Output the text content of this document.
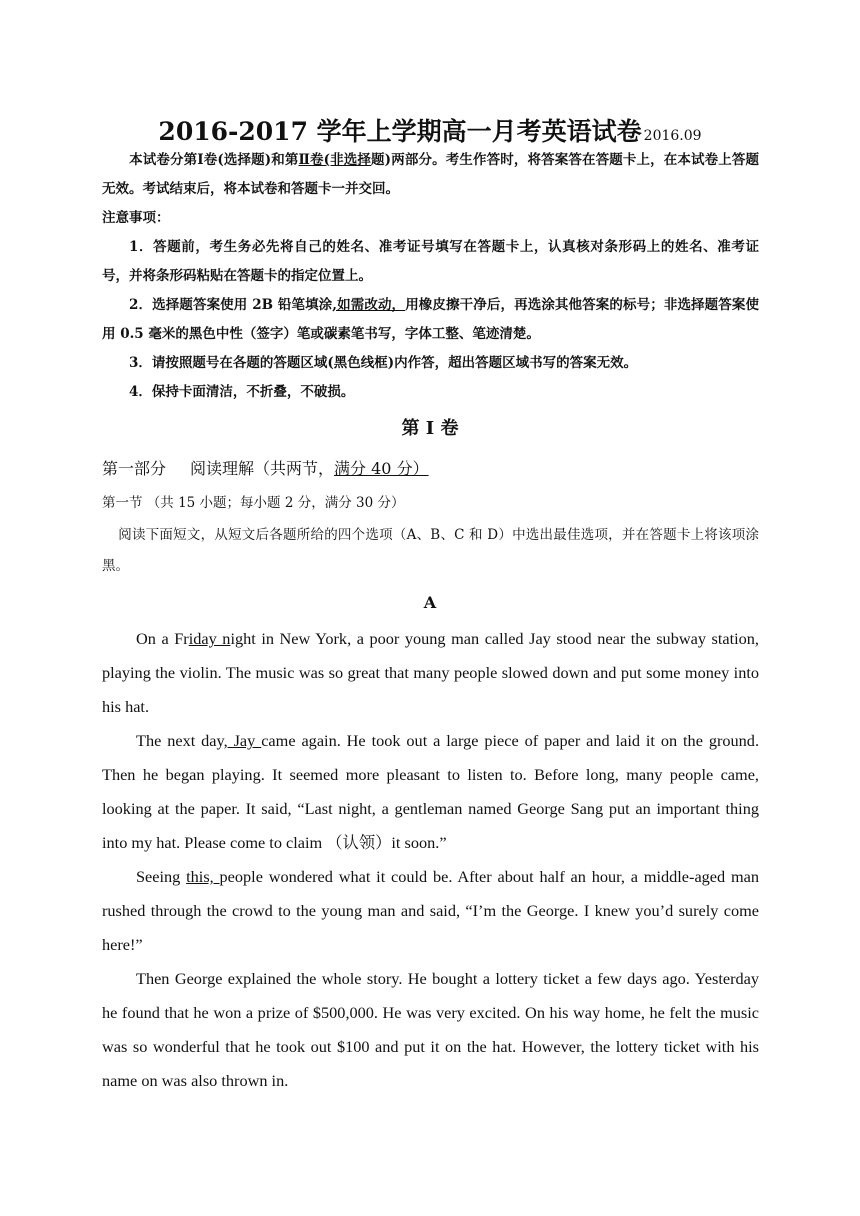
2016-2017 学年上学期高一月考英语试卷 2016.09
本试卷分第Ⅰ卷(选择题)和第Ⅱ卷(非选择题)两部分。考生作答时，将答案答在答题卡上，在本试卷上答题无效。考试结束后，将本试卷和答题卡一并交回。
注意事项：
1．答题前，考生务必先将自己的姓名、准考证号填写在答题卡上，认真核对条形码上的姓名、准考证号，并将条形码粘贴在答题卡的指定位置上。
2．选择题答案使用 2B 铅笔填涂,如需改动，用橡皮擦干净后，再选涂其他答案的标号；非选择题答案使用 0.5 毫米的黑色中性（签字）笔或碳素笔书写，字体工整、笔迹清楚。
3．请按照题号在各题的答题区域(黑色线框)内作答，超出答题区域书写的答案无效。
4．保持卡面清洁，不折叠，不破损。
第 I 卷
第一部分 阅读理解（共两节，满分 40 分）
第一节 （共 15 小题；每小题 2 分，满分 30 分）
阅读下面短文，从短文后各题所给的四个选项（A、B、C 和 D）中选出最佳选项，并在答题卡上将该项涂黑。
A

On a Friday night in New York, a poor young man called Jay stood near the subway station, playing the violin. The music was so great that many people slowed down and put some money into his hat.

The next day, Jay came again. He took out a large piece of paper and laid it on the ground. Then he began playing. It seemed more pleasant to listen to. Before long, many people came, looking at the paper. It said, “Last night, a gentleman named George Sang put an important thing into my hat. Please come to claim （认领）it soon.”

Seeing this, people wondered what it could be. After about half an hour, a middle-aged man rushed through the crowd to the young man and said, “I’m the George. I knew you’d surely come here!”

Then George explained the whole story. He bought a lottery ticket a few days ago. Yesterday he found that he won a prize of $500,000. He was very excited. On his way home, he felt the music was so wonderful that he took out $100 and put it on the hat. However, the lottery ticket with his name on was also thrown in.
